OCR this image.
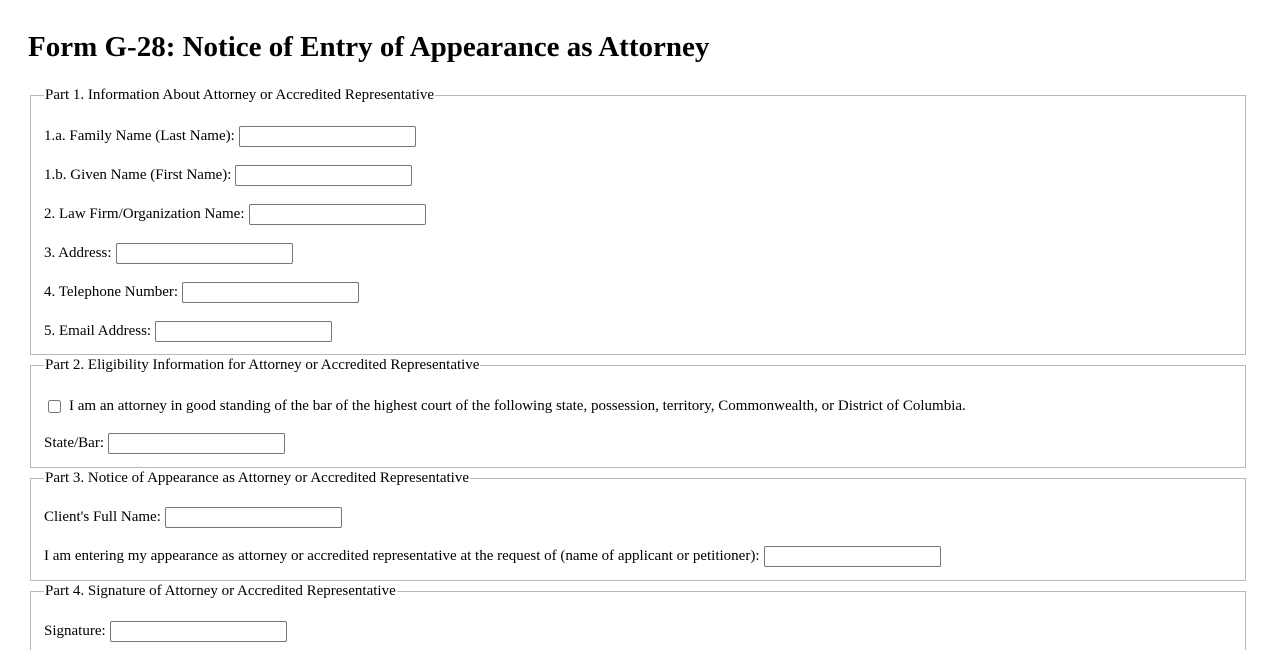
Form G-28: Notice of Entry of Appearance as Attorney
Part 1. Information About Attorney or Accredited Representative
1.a. Family Name (Last Name):
1.b. Given Name (First Name):
2. Law Firm/Organization Name:
3. Address:
4. Telephone Number:
5. Email Address:
Part 2. Eligibility Information for Attorney or Accredited Representative
I am an attorney in good standing of the bar of the highest court of the following state, possession, territory, Commonwealth, or District of Columbia.
State/Bar:
Part 3. Notice of Appearance as Attorney or Accredited Representative
Client's Full Name:
I am entering my appearance as attorney or accredited representative at the request of (name of applicant or petitioner):
Part 4. Signature of Attorney or Accredited Representative
Signature:
